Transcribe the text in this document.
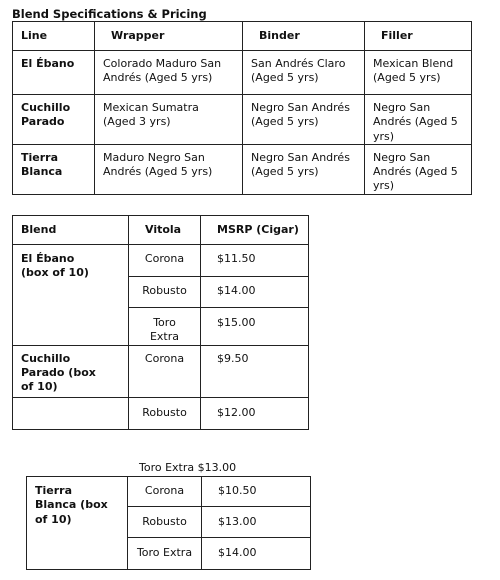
Blend Specifications & Pricing
Line	Wrapper	Binder	Filler

El Ébano	Colorado Maduro San Andrés (Aged 5 yrs)	San Andrés Claro (Aged 5 yrs)	Mexican Blend (Aged 5 yrs)

Cuchillo Parado	Mexican Sumatra (Aged 3 yrs)	Negro San Andrés (Aged 5 yrs)	Negro San Andrés (Aged 5 yrs)

Tierra Blanca	Maduro Negro San Andrés (Aged 5 yrs)	Negro San Andrés (Aged 5 yrs)	Negro San Andrés (Aged 5 yrs)
Blend	Vitola	MSRP (Cigar)

El Ébano (box of 10)	Corona	$11.50

	Robusto	$14.00

	Toro Extra	$15.00

Cuchillo Parado (box of 10)	Corona	$9.50

	Robusto	$12.00
Toro Extra $13.00
Tierra Blanca (box of 10)	Corona	$10.50

	Robusto	$13.00

	Toro Extra	$14.00
